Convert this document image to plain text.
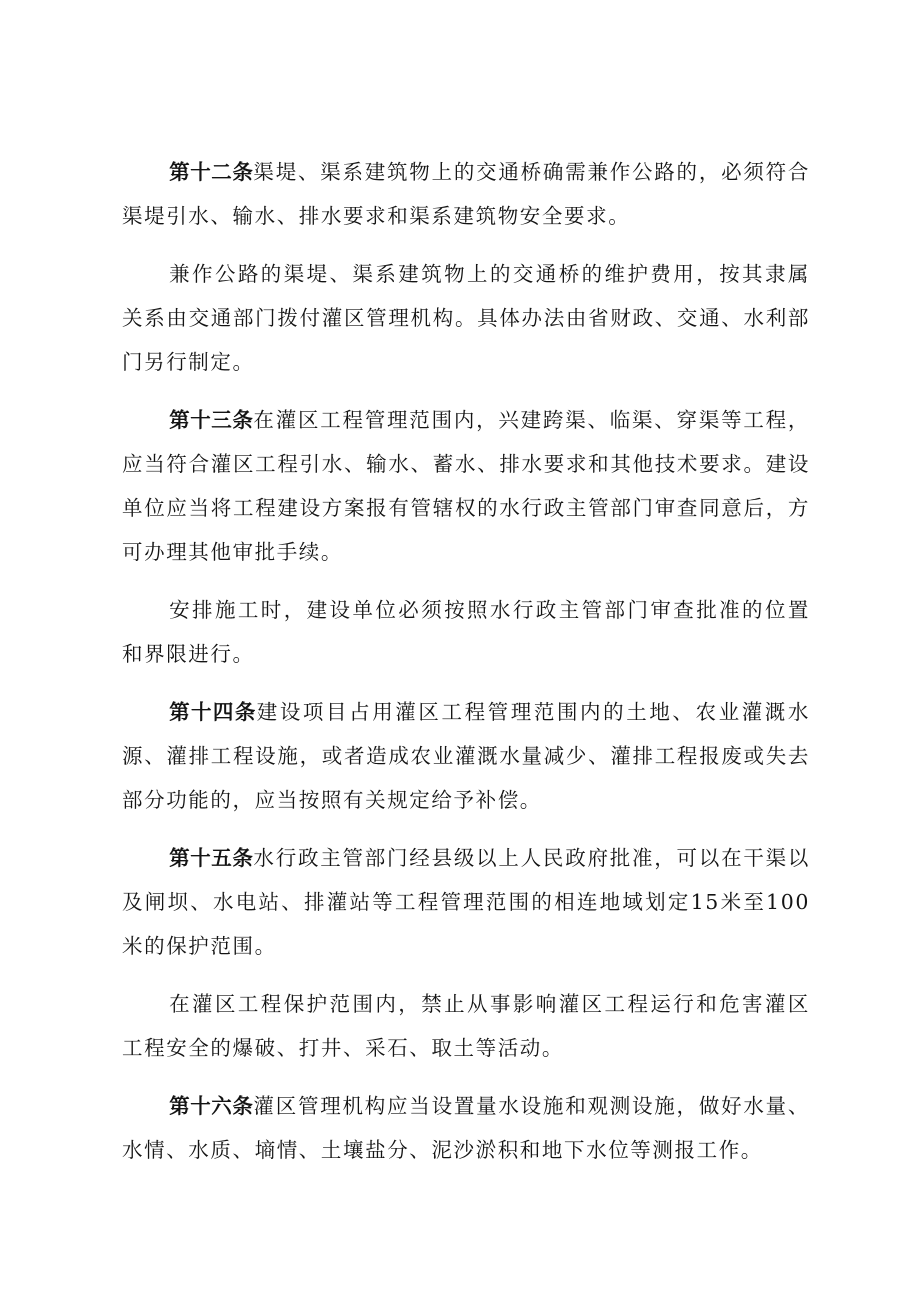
第十二条渠堤、渠系建筑物上的交通桥确需兼作公路的，必须符合渠堤引水、输水、排水要求和渠系建筑物安全要求。

兼作公路的渠堤、渠系建筑物上的交通桥的维护费用，按其隶属关系由交通部门拨付灌区管理机构。具体办法由省财政、交通、水利部门另行制定。

第十三条在灌区工程管理范围内，兴建跨渠、临渠、穿渠等工程，应当符合灌区工程引水、输水、蓄水、排水要求和其他技术要求。建设单位应当将工程建设方案报有管辖权的水行政主管部门审查同意后，方可办理其他审批手续。

安排施工时，建设单位必须按照水行政主管部门审查批准的位置和界限进行。

第十四条建设项目占用灌区工程管理范围内的土地、农业灌溉水源、灌排工程设施，或者造成农业灌溉水量减少、灌排工程报废或失去部分功能的，应当按照有关规定给予补偿。

第十五条水行政主管部门经县级以上人民政府批准，可以在干渠以及闸坝、水电站、排灌站等工程管理范围的相连地域划定15米至100米的保护范围。

在灌区工程保护范围内，禁止从事影响灌区工程运行和危害灌区工程安全的爆破、打井、采石、取土等活动。

第十六条灌区管理机构应当设置量水设施和观测设施，做好水量、水情、水质、墒情、土壤盐分、泥沙淤积和地下水位等测报工作。
